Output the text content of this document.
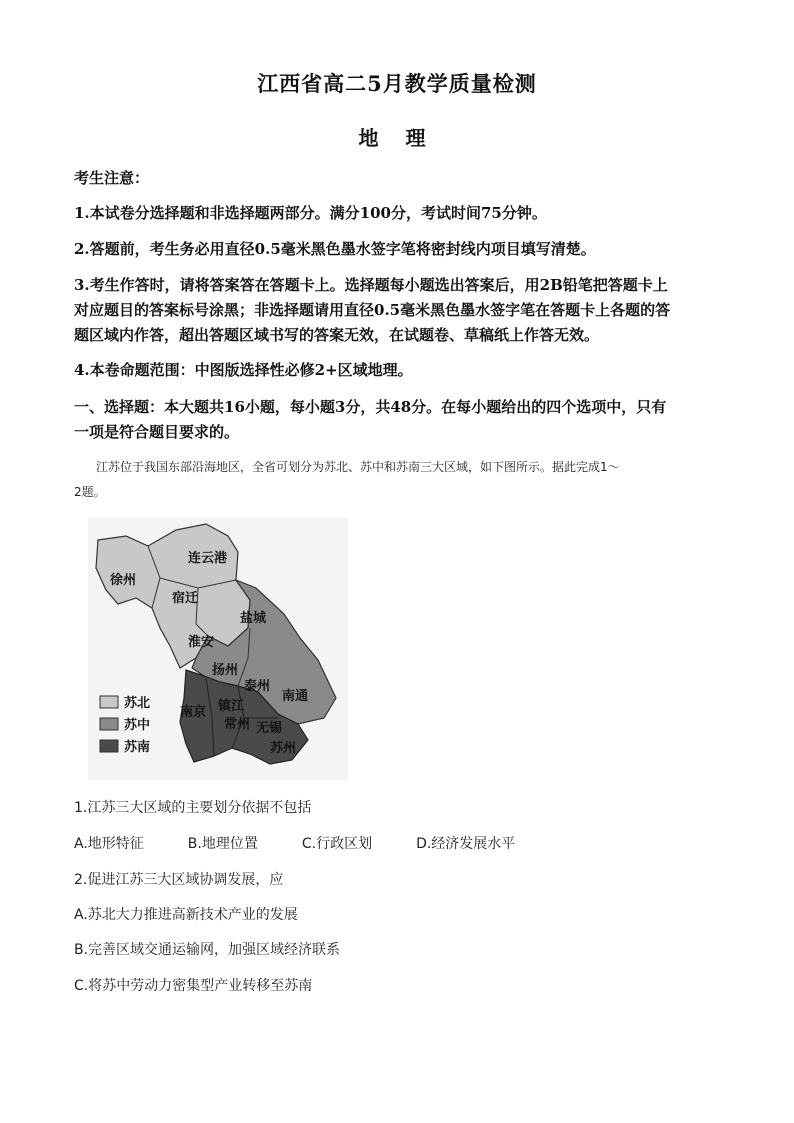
江西省高二5月教学质量检测
地 理
考生注意：
1.本试卷分选择题和非选择题两部分。满分100分，考试时间75分钟。
2.答题前，考生务必用直径0.5毫米黑色墨水签字笔将密封线内项目填写清楚。
3.考生作答时，请将答案答在答题卡上。选择题每小题选出答案后，用2B铅笔把答题卡上
对应题目的答案标号涂黑；非选择题请用直径0.5毫米黑色墨水签字笔在答题卡上各题的答
题区域内作答，超出答题区域书写的答案无效，在试题卷、草稿纸上作答无效。
4.本卷命题范围：中图版选择性必修2+区域地理。
一、选择题：本大题共16小题，每小题3分，共48分。在每小题给出的四个选项中，只有
一项是符合题目要求的。
江苏位于我国东部沿海地区，全省可划分为苏北、苏中和苏南三大区域，如下图所示。据此完成1～
2题。
连云港
徐州
宿迁
盐城
淮安
扬州
泰州
南通
南京 镇江
常州 无锡
苏州
苏北
苏中
苏南
1.江苏三大区域的主要划分依据不包括
A.地形特征	B.地理位置	C.行政区划	D.经济发展水平
2.促进江苏三大区域协调发展，应
A.苏北大力推进高新技术产业的发展
B.完善区域交通运输网，加强区域经济联系
C.将苏中劳动力密集型产业转移至苏南
